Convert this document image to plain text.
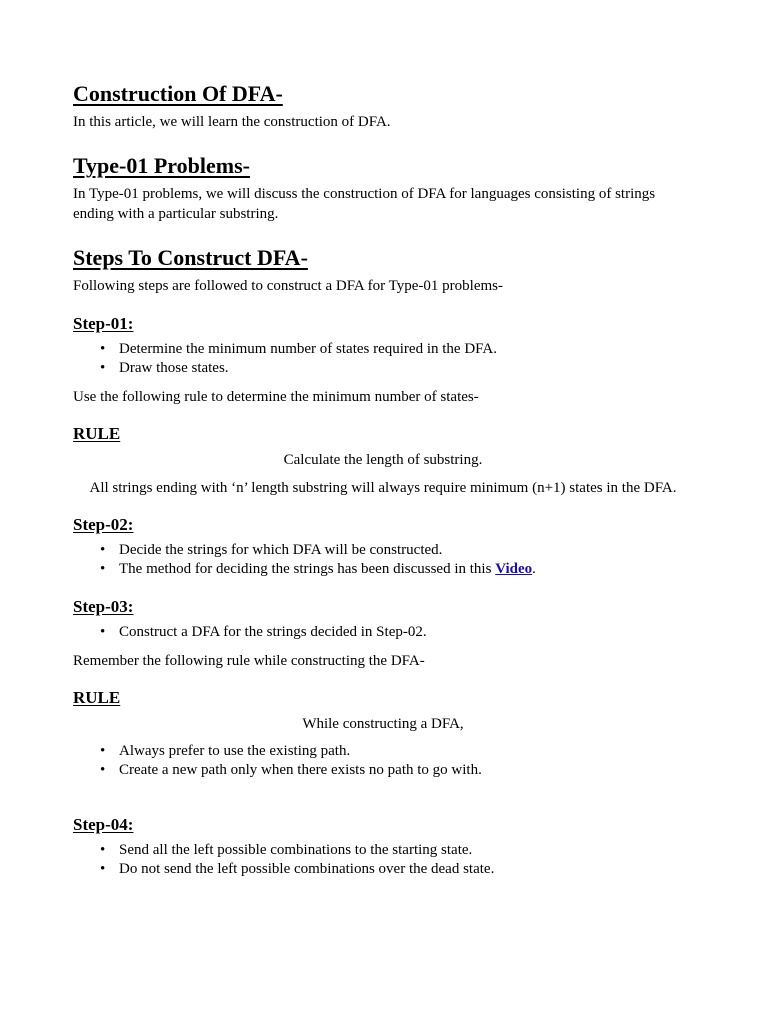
Construction Of DFA-

In this article, we will learn the construction of DFA.

Type-01 Problems-

In Type-01 problems, we will discuss the construction of DFA for languages consisting of strings ending with a particular substring.

Steps To Construct DFA-

Following steps are followed to construct a DFA for Type-01 problems-

Step-01:
• Determine the minimum number of states required in the DFA.
• Draw those states.

Use the following rule to determine the minimum number of states-

RULE

Calculate the length of substring.

All strings ending with ‘n’ length substring will always require minimum (n+1) states in the DFA.

Step-02:
• Decide the strings for which DFA will be constructed.
• The method for deciding the strings has been discussed in this Video.
Step-03:
• Construct a DFA for the strings decided in Step-02.

Remember the following rule while constructing the DFA-

RULE

While constructing a DFA,

• Always prefer to use the existing path.
• Create a new path only when there exists no path to go with.
Step-04:
• Send all the left possible combinations to the starting state.
• Do not send the left possible combinations over the dead state.
